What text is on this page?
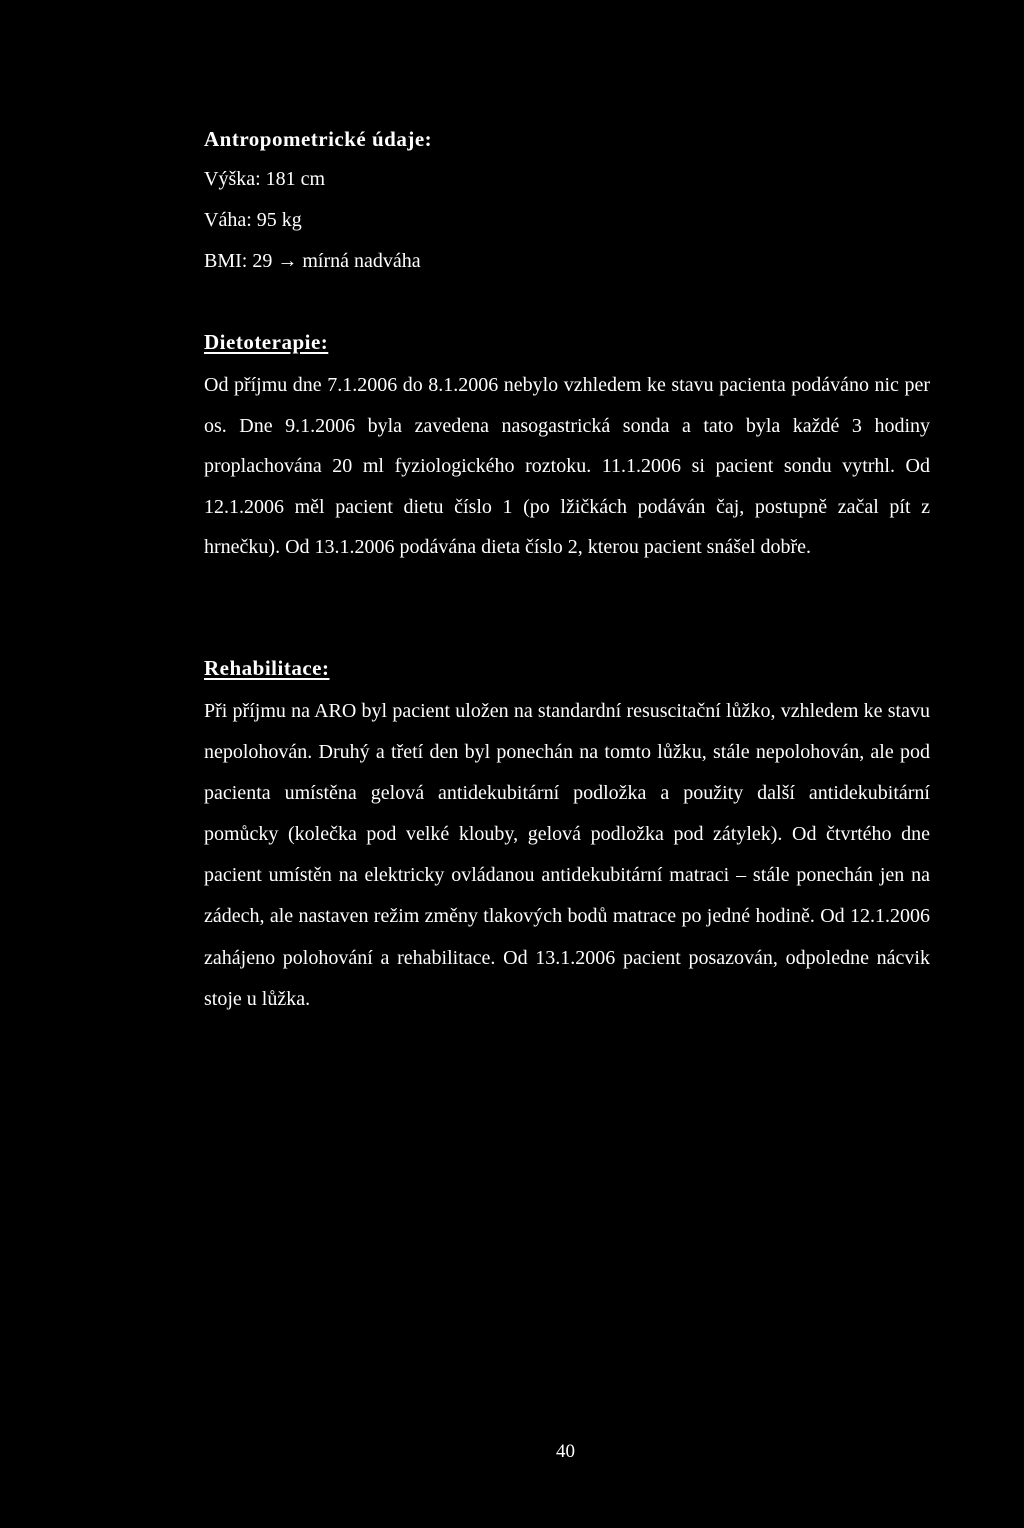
Antropometrické údaje:
Výška: 181 cm
Váha: 95 kg
BMI: 29 → mírná nadváha
Dietoterapie:
Od příjmu dne 7.1.2006 do 8.1.2006 nebylo vzhledem ke stavu pacienta podáváno nic per os. Dne 9.1.2006 byla zavedena nasogastrická sonda a tato byla každé 3 hodiny proplachována 20 ml fyziologického roztoku. 11.1.2006 si pacient sondu vytrhl. Od 12.1.2006 měl pacient dietu číslo 1 (po lžičkách podáván čaj, postupně začal pít z hrnečku). Od 13.1.2006 podávána dieta číslo 2, kterou pacient snášel dobře.
Rehabilitace:
Při příjmu na ARO byl pacient uložen na standardní resuscitační lůžko, vzhledem ke stavu nepolohován. Druhý a třetí den byl ponechán na tomto lůžku, stále nepolohován, ale pod pacienta umístěna gelová antidekubitární podložka a použity další antidekubitární pomůcky (kolečka pod velké klouby, gelová podložka pod zátylek). Od čtvrtého dne pacient umístěn na elektricky ovládanou antidekubitární matraci – stále ponechán jen na zádech, ale nastaven režim změny tlakových bodů matrace po jedné hodině. Od 12.1.2006 zahájeno polohování a rehabilitace. Od 13.1.2006 pacient posazován, odpoledne nácvik stoje u lůžka.
40
